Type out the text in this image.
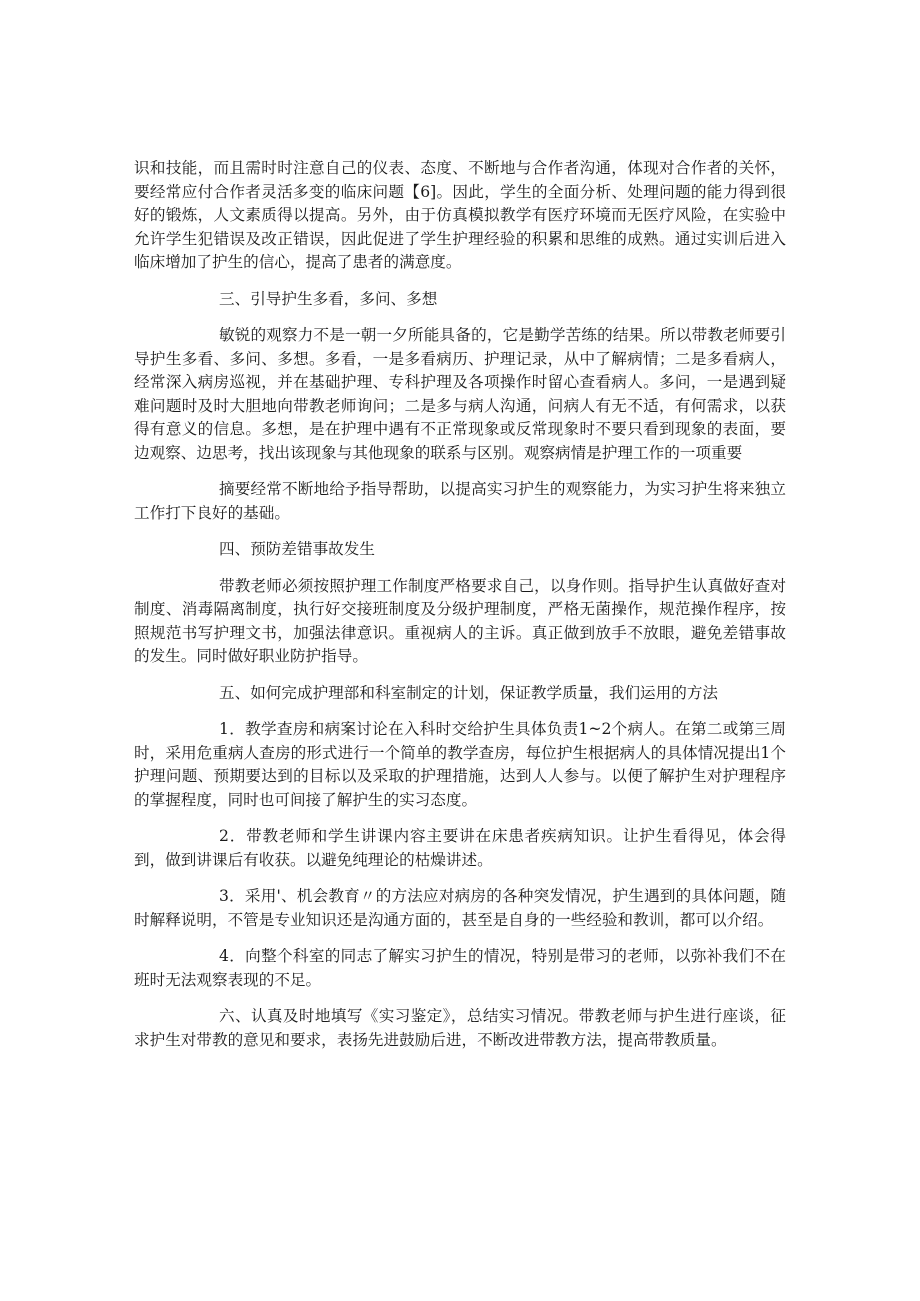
识和技能，而且需时时注意自己的仪表、态度、不断地与合作者沟通，体现对合作者的关怀，要经常应付合作者灵活多变的临床问题【6]。因此，学生的全面分析、处理问题的能力得到很好的锻炼，人文素质得以提高。另外，由于仿真模拟教学有医疗环境而无医疗风险，在实验中允许学生犯错误及改正错误，因此促进了学生护理经验的积累和思维的成熟。通过实训后进入临床增加了护生的信心，提高了患者的满意度。

三、引导护生多看，多问、多想

敏锐的观察力不是一朝一夕所能具备的，它是勤学苦练的结果。所以带教老师要引导护生多看、多问、多想。多看，一是多看病历、护理记录，从中了解病情；二是多看病人，经常深入病房巡视，并在基础护理、专科护理及各项操作时留心查看病人。多问，一是遇到疑难问题时及时大胆地向带教老师询问；二是多与病人沟通，问病人有无不适，有何需求，以获得有意义的信息。多想，是在护理中遇有不正常现象或反常现象时不要只看到现象的表面，要边观察、边思考，找出该现象与其他现象的联系与区别。观察病情是护理工作的一项重要

摘要经常不断地给予指导帮助，以提高实习护生的观察能力，为实习护生将来独立工作打下良好的基础。

四、预防差错事故发生

带教老师必须按照护理工作制度严格要求自己，以身作则。指导护生认真做好查对制度、消毒隔离制度，执行好交接班制度及分级护理制度，严格无菌操作，规范操作程序，按照规范书写护理文书，加强法律意识。重视病人的主诉。真正做到放手不放眼，避免差错事故的发生。同时做好职业防护指导。

五、如何完成护理部和科室制定的计划，保证教学质量，我们运用的方法

1．教学查房和病案讨论在入科时交给护生具体负责1~2个病人。在第二或第三周时，采用危重病人查房的形式进行一个简单的教学查房，每位护生根据病人的具体情况提出1个护理问题、预期要达到的目标以及采取的护理措施，达到人人参与。以便了解护生对护理程序的掌握程度，同时也可间接了解护生的实习态度。

2．带教老师和学生讲课内容主要讲在床患者疾病知识。让护生看得见，体会得到，做到讲课后有收获。以避免纯理论的枯燥讲述。

3．采用'、机会教育〃的方法应对病房的各种突发情况，护生遇到的具体问题，随时解释说明，不管是专业知识还是沟通方面的，甚至是自身的一些经验和教训，都可以介绍。

4．向整个科室的同志了解实习护生的情况，特别是带习的老师，以弥补我们不在班时无法观察表现的不足。

六、认真及时地填写《实习鉴定》，总结实习情况。带教老师与护生进行座谈，征求护生对带教的意见和要求，表扬先进鼓励后进，不断改进带教方法，提高带教质量。
